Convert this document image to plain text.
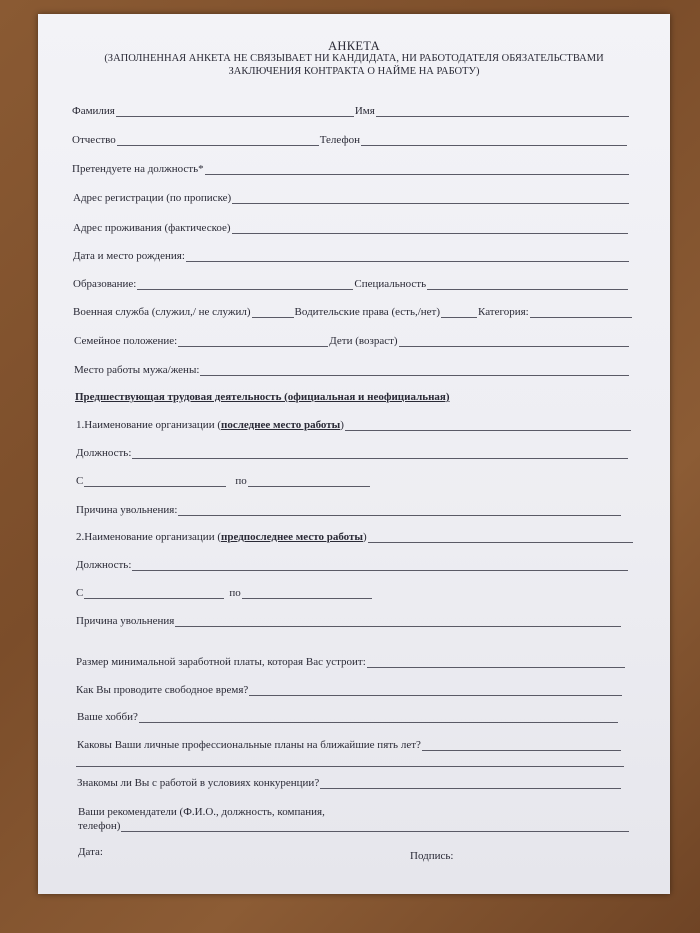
АНКЕТА
(ЗАПОЛНЕННАЯ АНКЕТА НЕ СВЯЗЫВАЕТ НИ КАНДИДАТА, НИ РАБОТОДАТЕЛЯ ОБЯЗАТЕЛЬСТВАМИ
ЗАКЛЮЧЕНИЯ КОНТРАКТА О НАЙМЕ НА РАБОТУ)
Фамилия	Имя
Отчество	Телефон
Претендуете на должность*
Адрес регистрации (по прописке)
Адрес проживания (фактическое)
Дата и место рождения:
Образование:	Специальность
Военная служба (служил,/ не служил)	Водительские права (есть,/нет)	Категория:
Семейное положение:	Дети (возраст)
Место работы мужа/жены:
Предшествующая трудовая деятельность (официальная и неофициальная)
1.Наименование организации (последнее место работы)
Должность:
С	по
Причина увольнения:
2.Наименование организации (предпоследнее место работы)
Должность:
С	по
Причина увольнения
Размер минимальной заработной платы, которая Вас устроит:
Как Вы проводите свободное время?
Ваше хобби?
Каковы Ваши личные профессиональные планы на ближайшие пять лет?
Знакомы ли Вы с работой в условиях конкуренции?
Ваши рекомендатели (Ф.И.О., должность, компания,
телефон)
Дата:	Подпись:
